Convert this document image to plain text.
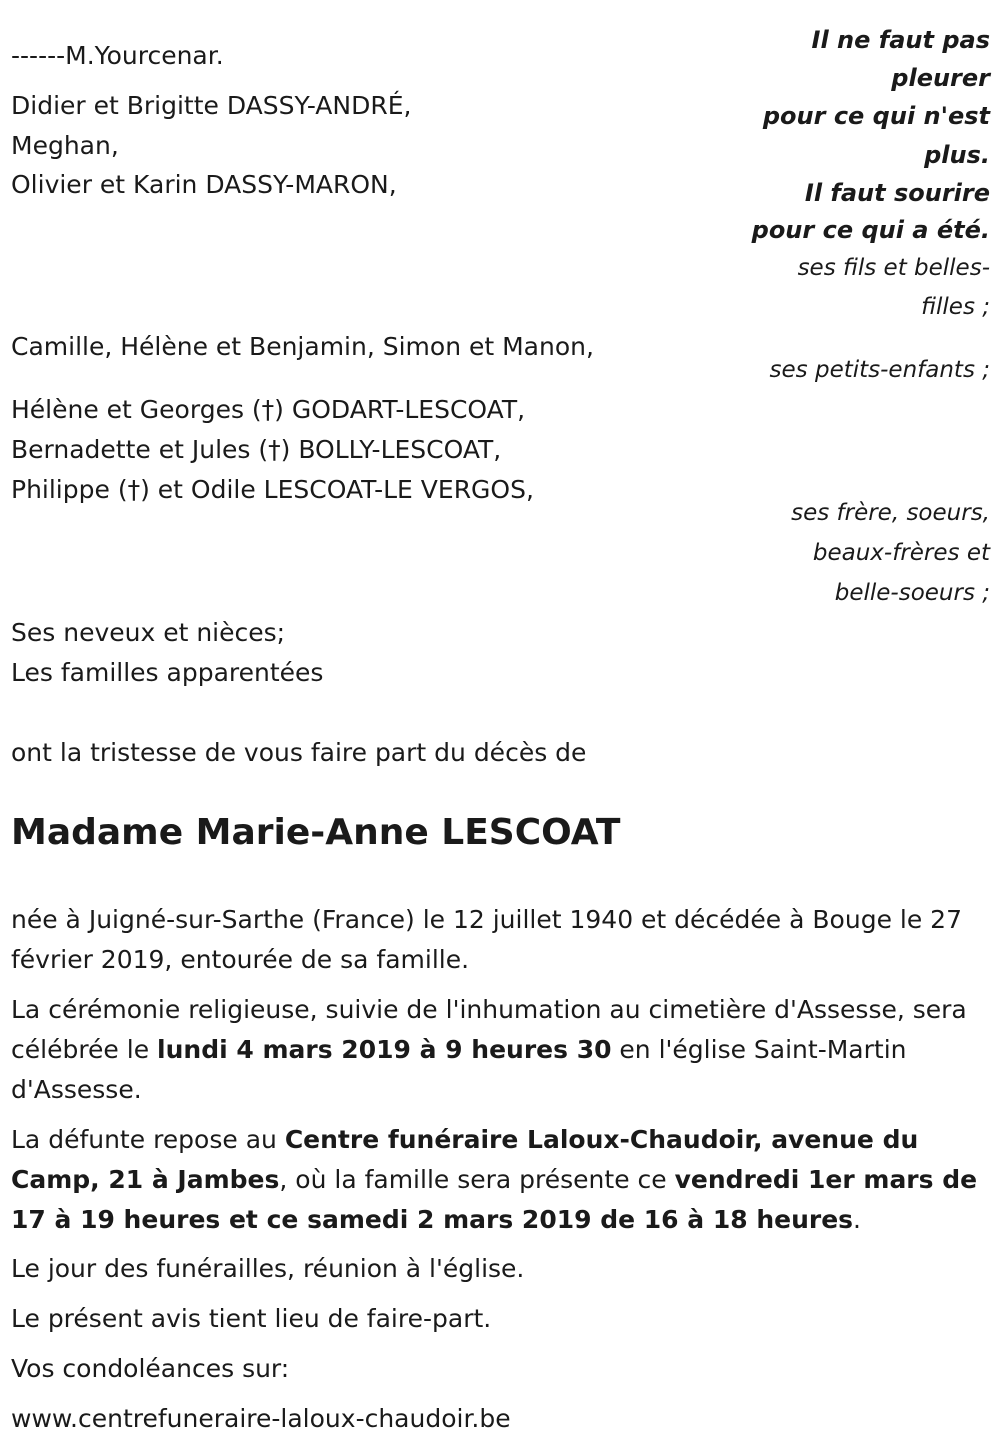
------M.Yourcenar.
Didier et Brigitte DASSY-ANDRÉ,
Meghan,
Olivier et Karin DASSY-MARON,
Camille, Hélène et Benjamin, Simon et Manon,
Hélène et Georges (†) GODART-LESCOAT,
Bernadette et Jules (†) BOLLY-LESCOAT,
Philippe (†) et Odile LESCOAT-LE VERGOS,
Ses neveux et nièces;
Les familles apparentées
ont la tristesse de vous faire part du décès de
Il ne faut pas
pleurer
pour ce qui n'est
plus.
Il faut sourire
pour ce qui a été.
ses fils et belles-
filles ;
ses petits-enfants ;
ses frère, soeurs,
beaux-frères et
belle-soeurs ;
Madame Marie-Anne LESCOAT
née à Juigné-sur-Sarthe (France) le 12 juillet 1940 et décédée à Bouge le 27 février 2019, entourée de sa famille.
La cérémonie religieuse, suivie de l'inhumation au cimetière d'Assesse, sera célébrée le lundi 4 mars 2019 à 9 heures 30 en l'église Saint-Martin d'Assesse.
La défunte repose au Centre funéraire Laloux-Chaudoir, avenue du Camp, 21 à Jambes, où la famille sera présente ce vendredi 1er mars de 17 à 19 heures et ce samedi 2 mars 2019 de 16 à 18 heures.
Le jour des funérailles, réunion à l'église.
Le présent avis tient lieu de faire-part.
Vos condoléances sur:
www.centrefuneraire-laloux-chaudoir.be
